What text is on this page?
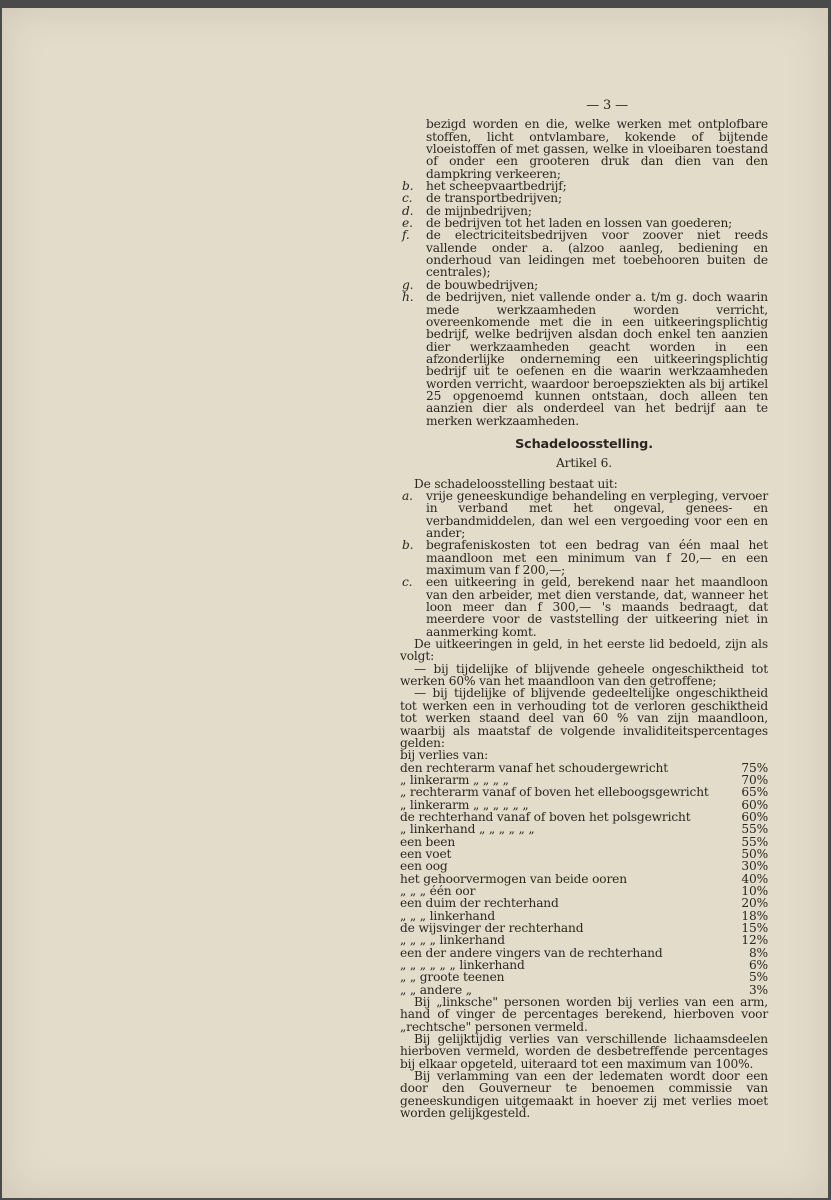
— 3 —

bezigd worden en die, welke werken met ontplofbare stoffen, licht ontvlambare, kokende of bijtende vloeistoffen of met gassen, welke in vloeibaren toestand of onder een grooteren druk dan dien van den dampkring verkeeren;

b. het scheepvaartbedrijf;

c. de transportbedrijven;

d. de mijnbedrijven;

e. de bedrijven tot het laden en lossen van goederen;

f. de electriciteitsbedrijven voor zoover niet reeds vallende onder a. (alzoo aanleg, bediening en onderhoud van leidingen met toebehooren buiten de centrales);

g. de bouwbedrijven;

h. de bedrijven, niet vallende onder a. t/m g. doch waarin mede werkzaamheden worden verricht, overeenkomende met die in een uitkeeringsplichtig bedrijf, welke bedrijven alsdan doch enkel ten aanzien dier werkzaamheden geacht worden in een afzonderlijke onderneming een uitkeeringsplichtig bedrijf uit te oefenen en die waarin werkzaamheden worden verricht, waardoor beroepsziekten als bij artikel 25 opgenoemd kunnen ontstaan, doch alleen ten aanzien dier als onderdeel van het bedrijf aan te merken werkzaamheden.

Schadeloosstelling.
Artikel 6.

De schadeloosstelling bestaat uit:

a. vrije geneeskundige behandeling en verpleging, vervoer in verband met het ongeval, genees- en verbandmiddelen, dan wel een vergoeding voor een en ander;

b. begrafeniskosten tot een bedrag van één maal het maandloon met een minimum van f 20,— en een maximum van f 200,—;

c. een uitkeering in geld, berekend naar het maandloon van den arbeider, met dien verstande, dat, wanneer het loon meer dan f 300,— 's maands bedraagt, dat meerdere voor de vaststelling der uitkeering niet in aanmerking komt.

De uitkeeringen in geld, in het eerste lid bedoeld, zijn als volgt:

— bij tijdelijke of blijvende geheele ongeschiktheid tot werken 60% van het maandloon van den getroffene;

— bij tijdelijke of blijvende gedeeltelijke ongeschiktheid tot werken een in verhouding tot de verloren geschiktheid tot werken staand deel van 60 % van zijn maandloon, waarbij als maatstaf de volgende invaliditeitspercentages gelden:

bij verlies van:

den rechterarm vanaf het schoudergewricht	75%
„ linkerarm „ „ „ „	70%
„ rechterarm vanaf of boven het elleboogsgewricht	65%
„ linkerarm „ „ „ „ „ „	60%
de rechterhand vanaf of boven het polsgewricht	60%
„ linkerhand „ „ „ „ „ „	55%
een been	55%
een voet	50%
een oog	30%
het gehoorvermogen van beide ooren	40%
„ „ „ één oor	10%
een duim der rechterhand	20%
„ „ „ linkerhand	18%
de wijsvinger der rechterhand	15%
„ „ „ „ linkerhand	12%
een der andere vingers van de rechterhand	8%
„ „ „ „ „ „ linkerhand	6%
„ „ groote teenen	5%
„ „ andere „	3%

Bij „linksche" personen worden bij verlies van een arm, hand of vinger de percentages berekend, hierboven voor „rechtsche" personen vermeld.

Bij gelijktijdig verlies van verschillende lichaamsdeelen hierboven vermeld, worden de desbetreffende percentages bij elkaar opgeteld, uiteraard tot een maximum van 100%.

Bij verlamming van een der ledematen wordt door een door den Gouverneur te benoemen commissie van geneeskundigen uitgemaakt in hoever zij met verlies moet worden gelijkgesteld.
